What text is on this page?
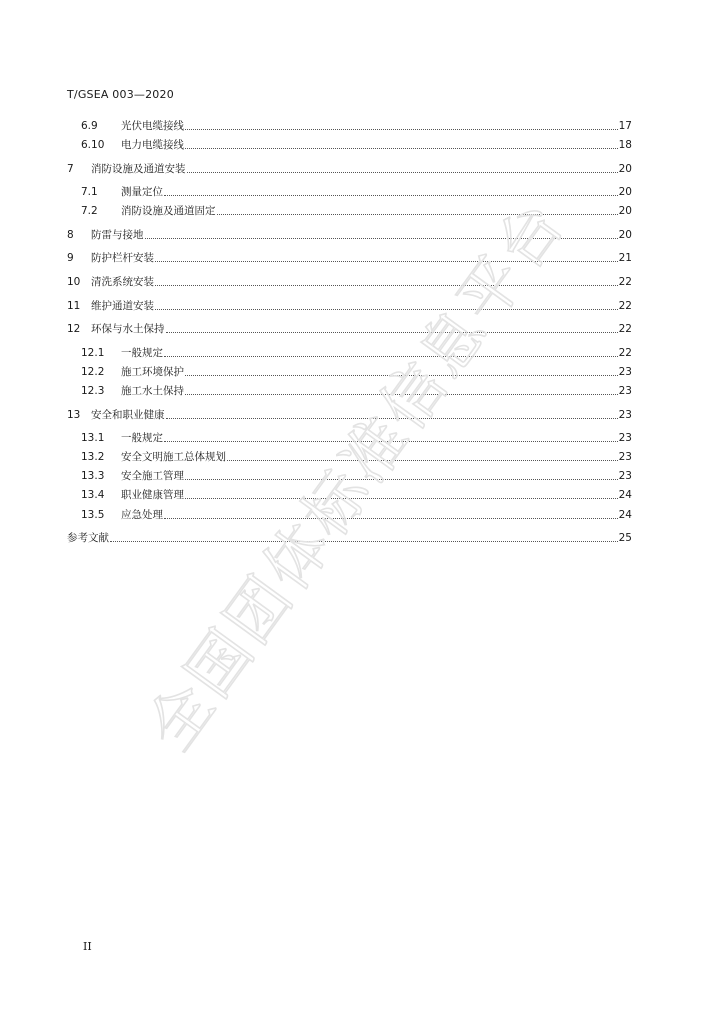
T/GSEA 003—2020
6.9	光伏电缆接线	17
6.10	电力电缆接线	18
7	消防设施及通道安装	20
7.1	测量定位	20
7.2	消防设施及通道固定	20
8	防雷与接地	20
9	防护栏杆安装	21
10	清洗系统安装	22
11	维护通道安装	22
12	环保与水土保持	22
12.1	一般规定	22
12.2	施工环境保护	23
12.3	施工水土保持	23
13	安全和职业健康	23
13.1	一般规定	23
13.2	安全文明施工总体规划	23
13.3	安全施工管理	23
13.4	职业健康管理	24
13.5	应急处理	24
参考文献	25
II
全
国
团
体
标
准
信
息
平
台
